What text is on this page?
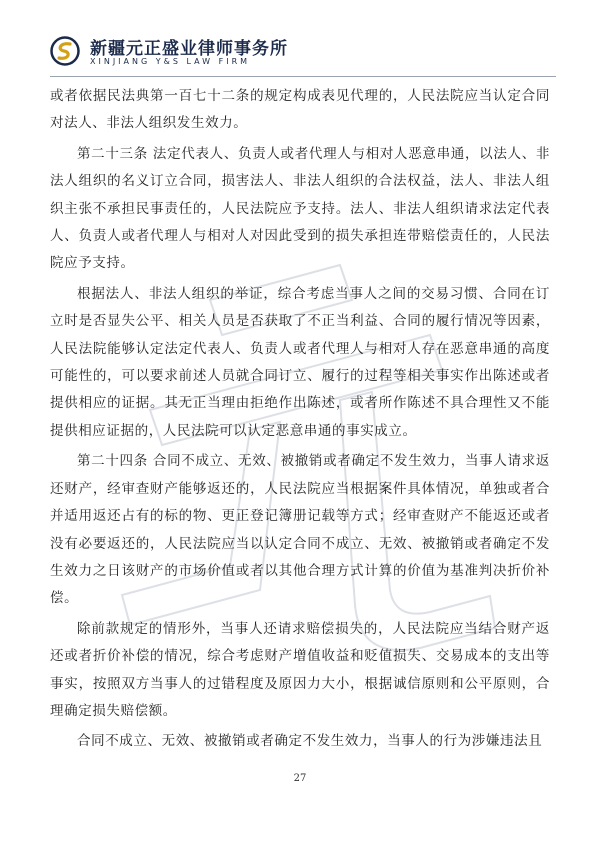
新疆元正盛业律师事务所
XINJIANG Y&S LAW FIRM

或者依据民法典第一百七十二条的规定构成表见代理的，人民法院应当认定合同对法人、非法人组织发生效力。

第二十三条 法定代表人、负责人或者代理人与相对人恶意串通，以法人、非法人组织的名义订立合同，损害法人、非法人组织的合法权益，法人、非法人组织主张不承担民事责任的，人民法院应予支持。法人、非法人组织请求法定代表人、负责人或者代理人与相对人对因此受到的损失承担连带赔偿责任的，人民法院应予支持。

根据法人、非法人组织的举证，综合考虑当事人之间的交易习惯、合同在订立时是否显失公平、相关人员是否获取了不正当利益、合同的履行情况等因素，人民法院能够认定法定代表人、负责人或者代理人与相对人存在恶意串通的高度可能性的，可以要求前述人员就合同订立、履行的过程等相关事实作出陈述或者提供相应的证据。其无正当理由拒绝作出陈述，或者所作陈述不具合理性又不能提供相应证据的，人民法院可以认定恶意串通的事实成立。

第二十四条 合同不成立、无效、被撤销或者确定不发生效力，当事人请求返还财产，经审查财产能够返还的，人民法院应当根据案件具体情况，单独或者合并适用返还占有的标的物、更正登记簿册记载等方式；经审查财产不能返还或者没有必要返还的，人民法院应当以认定合同不成立、无效、被撤销或者确定不发生效力之日该财产的市场价值或者以其他合理方式计算的价值为基准判决折价补偿。

除前款规定的情形外，当事人还请求赔偿损失的，人民法院应当结合财产返还或者折价补偿的情况，综合考虑财产增值收益和贬值损失、交易成本的支出等事实，按照双方当事人的过错程度及原因力大小，根据诚信原则和公平原则，合理确定损失赔偿额。

合同不成立、无效、被撤销或者确定不发生效力，当事人的行为涉嫌违法且

27
